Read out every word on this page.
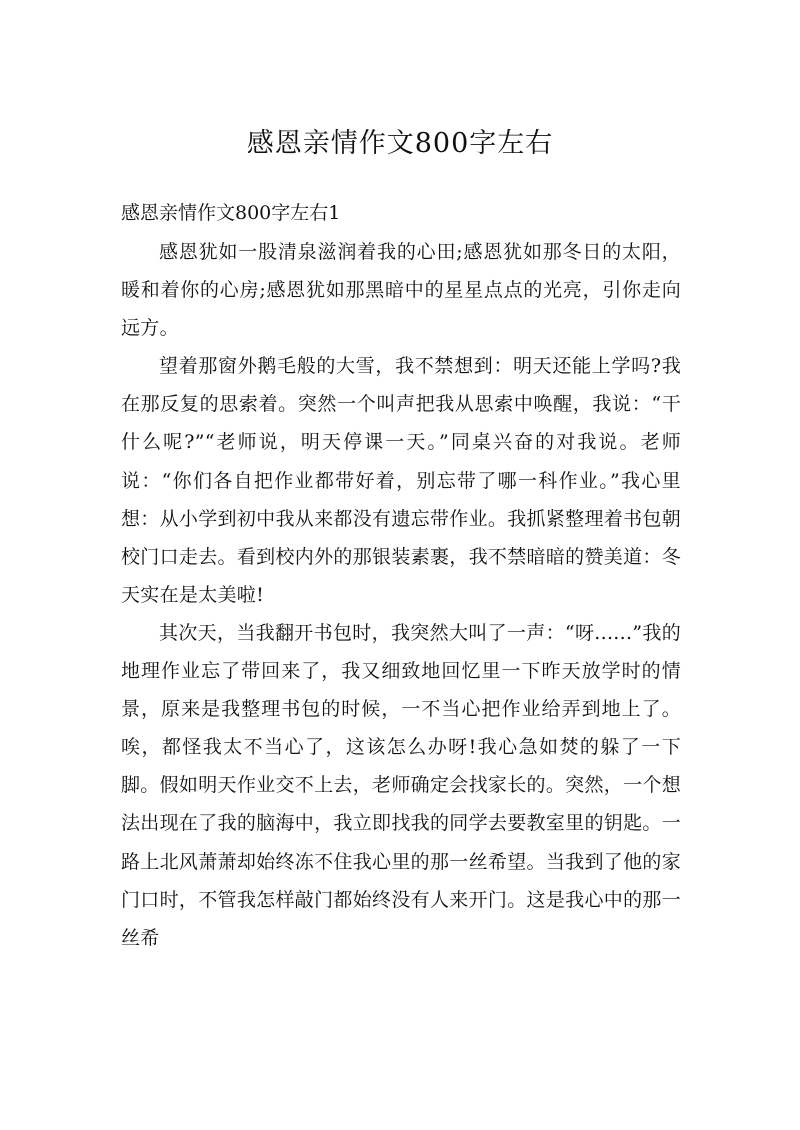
感恩亲情作文800字左右

感恩亲情作文800字左右1

感恩犹如一股清泉滋润着我的心田;感恩犹如那冬日的太阳，暖和着你的心房;感恩犹如那黑暗中的星星点点的光亮，引你走向远方。

望着那窗外鹅毛般的大雪，我不禁想到：明天还能上学吗?我在那反复的思索着。突然一个叫声把我从思索中唤醒，我说：“干什么呢?”“老师说，明天停课一天。”同桌兴奋的对我说。老师说：“你们各自把作业都带好着，别忘带了哪一科作业。”我心里想：从小学到初中我从来都没有遗忘带作业。我抓紧整理着书包朝校门口走去。看到校内外的那银装素裹，我不禁暗暗的赞美道：冬天实在是太美啦!

其次天，当我翻开书包时，我突然大叫了一声：“呀......”我的地理作业忘了带回来了，我又细致地回忆里一下昨天放学时的情景，原来是我整理书包的时候，一不当心把作业给弄到地上了。唉，都怪我太不当心了，这该怎么办呀!我心急如焚的躲了一下脚。假如明天作业交不上去，老师确定会找家长的。突然，一个想法出现在了我的脑海中，我立即找我的同学去要教室里的钥匙。一路上北风萧萧却始终冻不住我心里的那一丝希望。当我到了他的家门口时，不管我怎样敲门都始终没有人来开门。这是我心中的那一丝希
